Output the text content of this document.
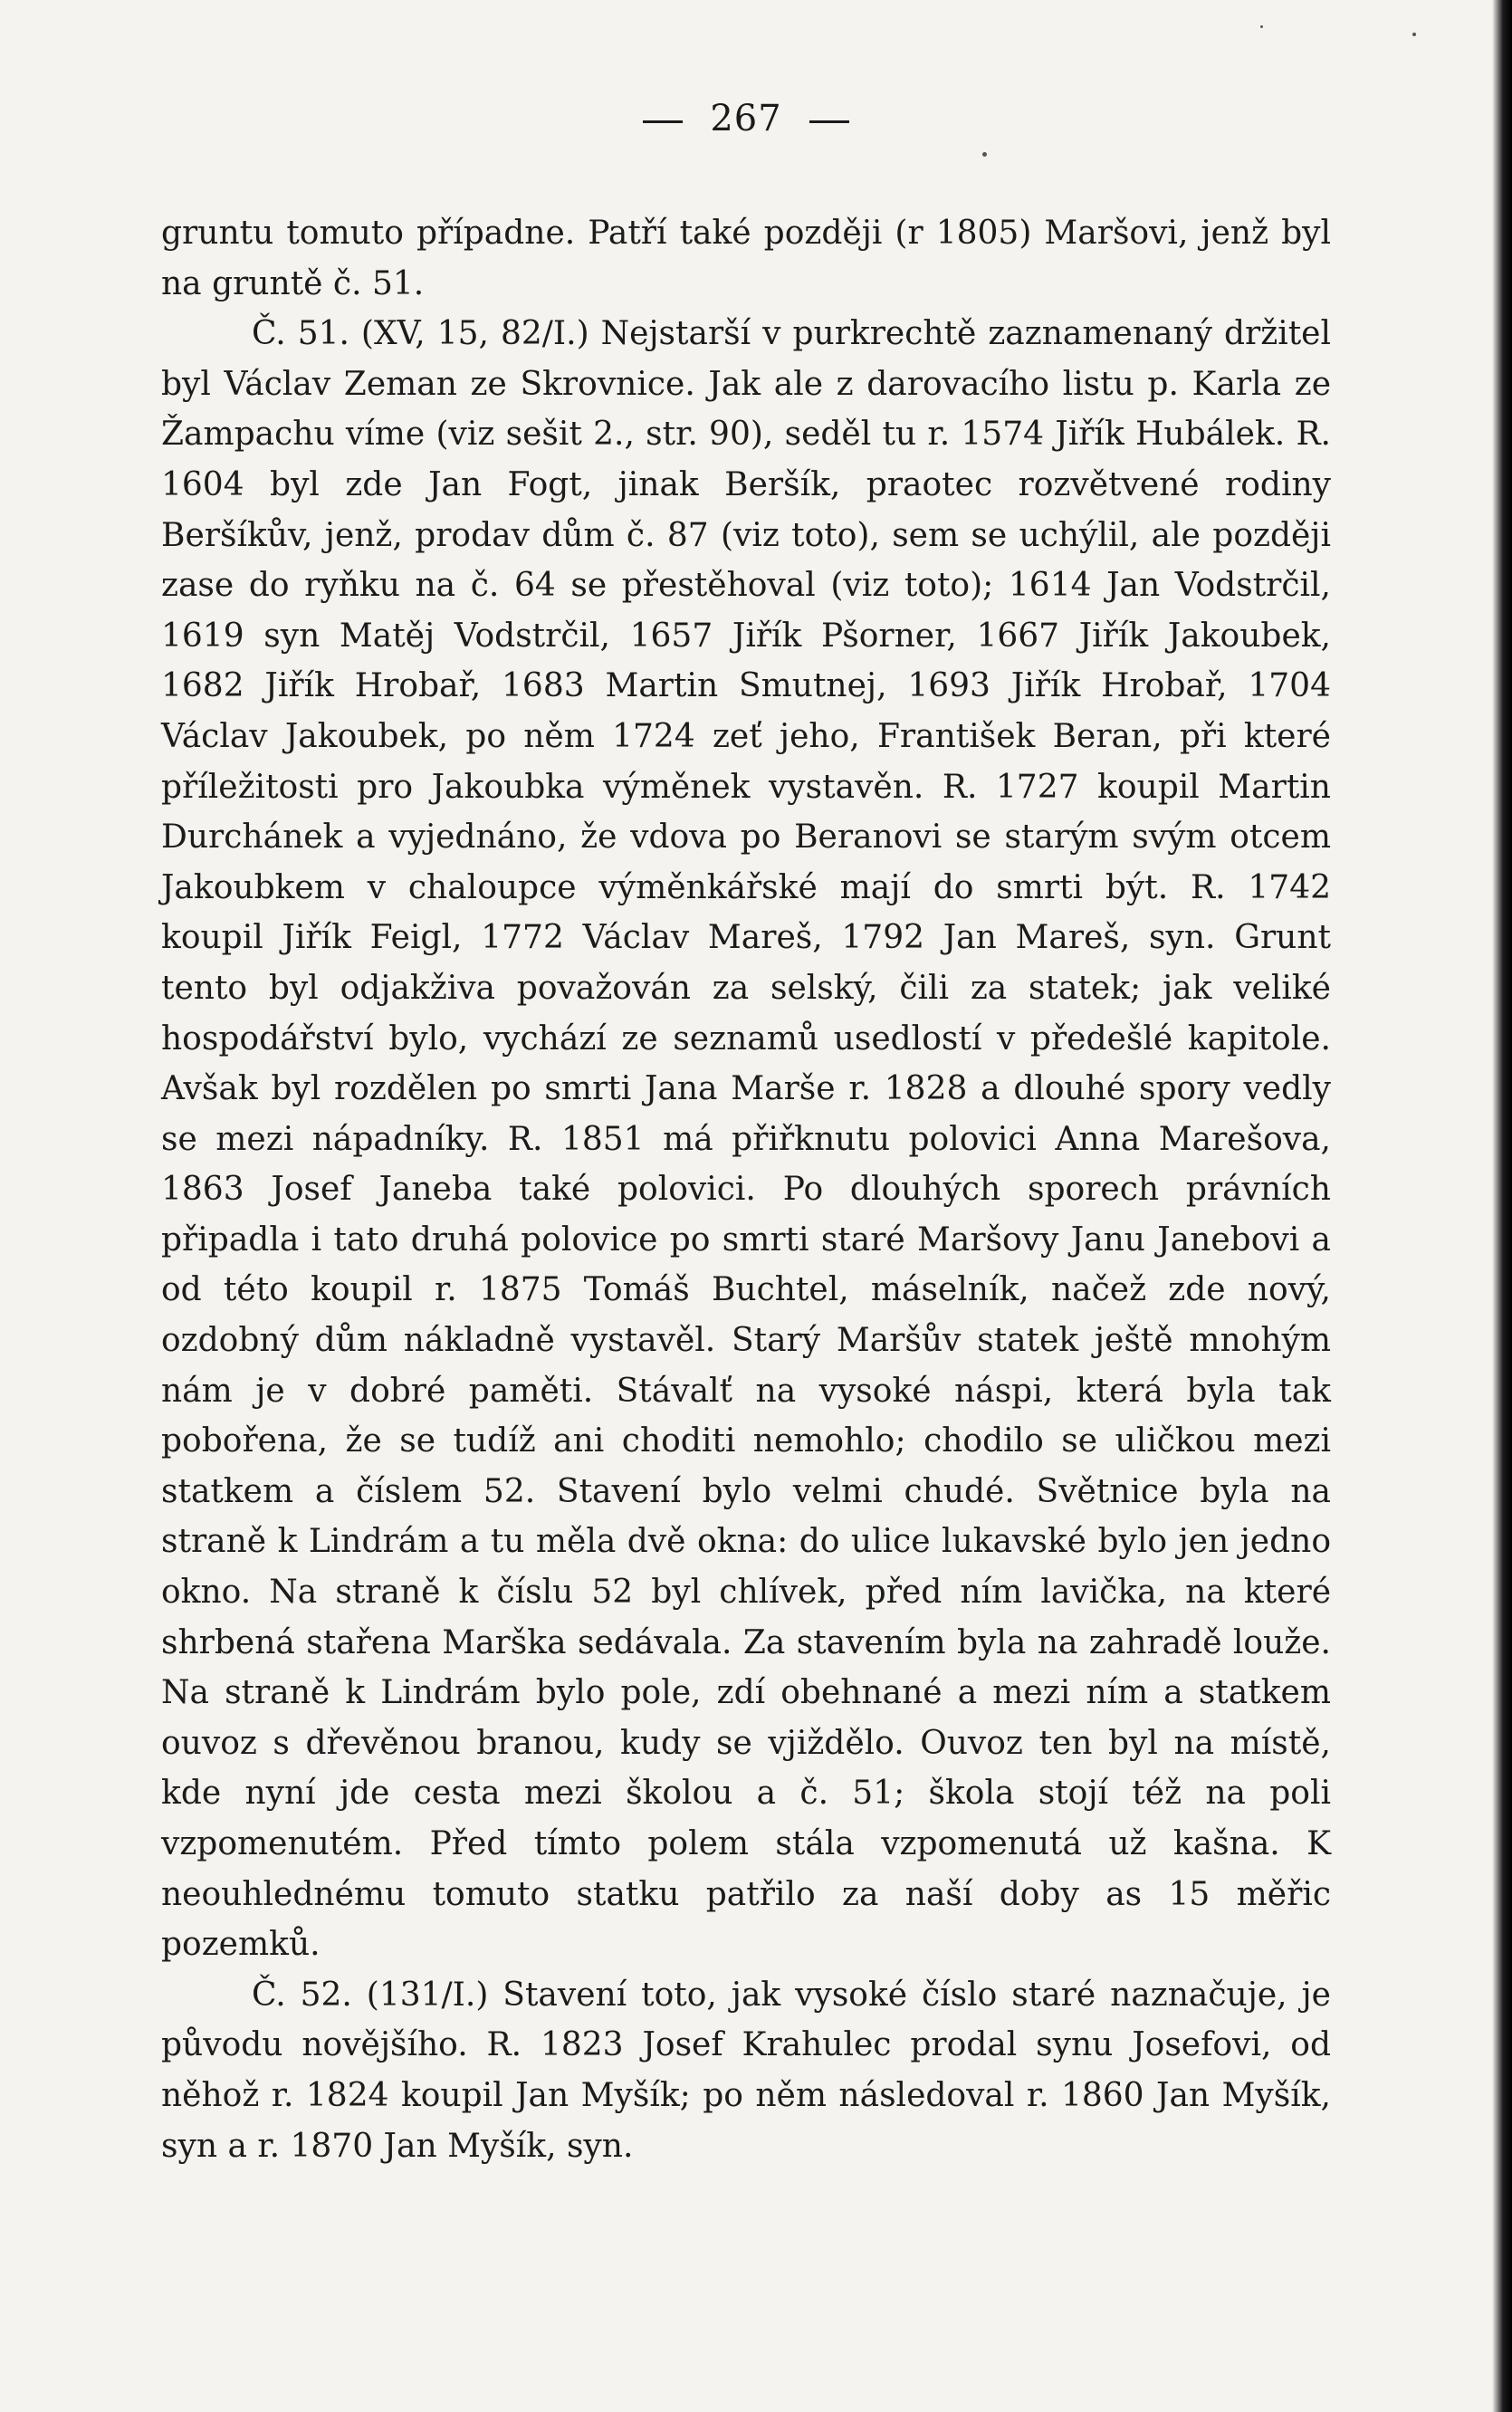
267

gruntu tomuto případne. Patří také později (r 1805) Maršovi, jenž byl na gruntě č. 51.

Č. 51. (XV, 15, 82/I.) Nejstarší v purkrechtě zaznamenaný držitel byl Václav Zeman ze Skrovnice. Jak ale z darovacího listu p. Karla ze Žampachu víme (viz sešit 2., str. 90), seděl tu r. 1574 Jiřík Hubálek. R. 1604 byl zde Jan Fogt, jinak Beršík, praotec rozvětvené rodiny Beršíkův, jenž, prodav dům č. 87 (viz toto), sem se uchýlil, ale později zase do ryňku na č. 64 se přestěhoval (viz toto); 1614 Jan Vodstrčil, 1619 syn Matěj Vodstrčil, 1657 Jiřík Pšorner, 1667 Jiřík Jakoubek, 1682 Jiřík Hrobař, 1683 Martin Smutnej, 1693 Jiřík Hrobař, 1704 Václav Jakoubek, po něm 1724 zeť jeho, František Beran, při které příležitosti pro Jakoubka výměnek vystavěn. R. 1727 koupil Martin Durchánek a vyjednáno, že vdova po Beranovi se starým svým otcem Jakoubkem v chaloupce výměnkářské mají do smrti být. R. 1742 koupil Jiřík Feigl, 1772 Václav Mareš, 1792 Jan Mareš, syn. Grunt tento byl odjakživa považován za selský, čili za statek; jak veliké hospodářství bylo, vychází ze seznamů usedlostí v předešlé kapitole. Avšak byl rozdělen po smrti Jana Marše r. 1828 a dlouhé spory vedly se mezi nápadníky. R. 1851 má přiřknutu polovici Anna Marešova, 1863 Josef Janeba také polovici. Po dlouhých sporech právních připadla i tato druhá polovice po smrti staré Maršovy Janu Janebovi a od této koupil r. 1875 Tomáš Buchtel, máselník, načež zde nový, ozdobný dům nákladně vystavěl. Starý Maršův statek ještě mnohým nám je v dobré paměti. Stávalť na vysoké náspi, která byla tak pobořena, že se tudíž ani choditi nemohlo; chodilo se uličkou mezi statkem a číslem 52. Stavení bylo velmi chudé. Světnice byla na straně k Lindrám a tu měla dvě okna: do ulice lukavské bylo jen jedno okno. Na straně k číslu 52 byl chlívek, před ním lavička, na které shrbená stařena Marška sedávala. Za stavením byla na zahradě louže. Na straně k Lindrám bylo pole, zdí obehnané a mezi ním a statkem ouvoz s dřevěnou branou, kudy se vjiždělo. Ouvoz ten byl na místě, kde nyní jde cesta mezi školou a č. 51; škola stojí též na poli vzpomenutém. Před tímto polem stála vzpomenutá už kašna. K neouhlednému tomuto statku patřilo za naší doby as 15 měřic pozemků.

Č. 52. (131/I.) Stavení toto, jak vysoké číslo staré naznačuje, je původu novějšího. R. 1823 Josef Krahulec prodal synu Josefovi, od něhož r. 1824 koupil Jan Myšík; po něm následoval r. 1860 Jan Myšík, syn a r. 1870 Jan Myšík, syn.
